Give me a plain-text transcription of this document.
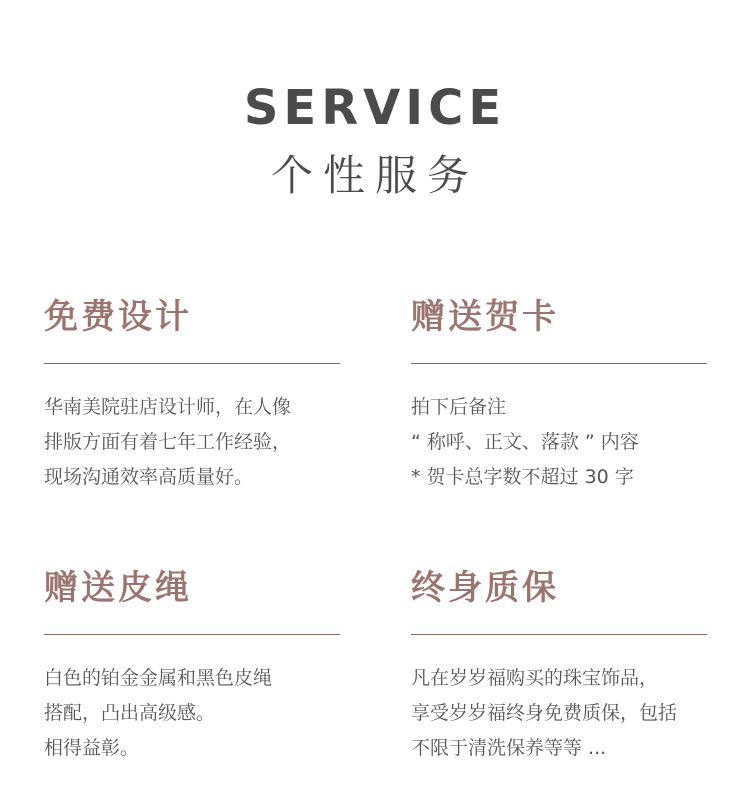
SERVICE
个性服务
免费设计
华南美院驻店设计师，在人像
排版方面有着七年工作经验，
现场沟通效率高质量好。
赠送贺卡
拍下后备注
“ 称呼、正文、落款 ” 内容
* 贺卡总字数不超过 30 字
赠送皮绳
白色的铂金金属和黑色皮绳
搭配，凸出高级感。
相得益彰。
终身质保
凡在岁岁福购买的珠宝饰品，
享受岁岁福终身免费质保，包括
不限于清洗保养等等 ...
